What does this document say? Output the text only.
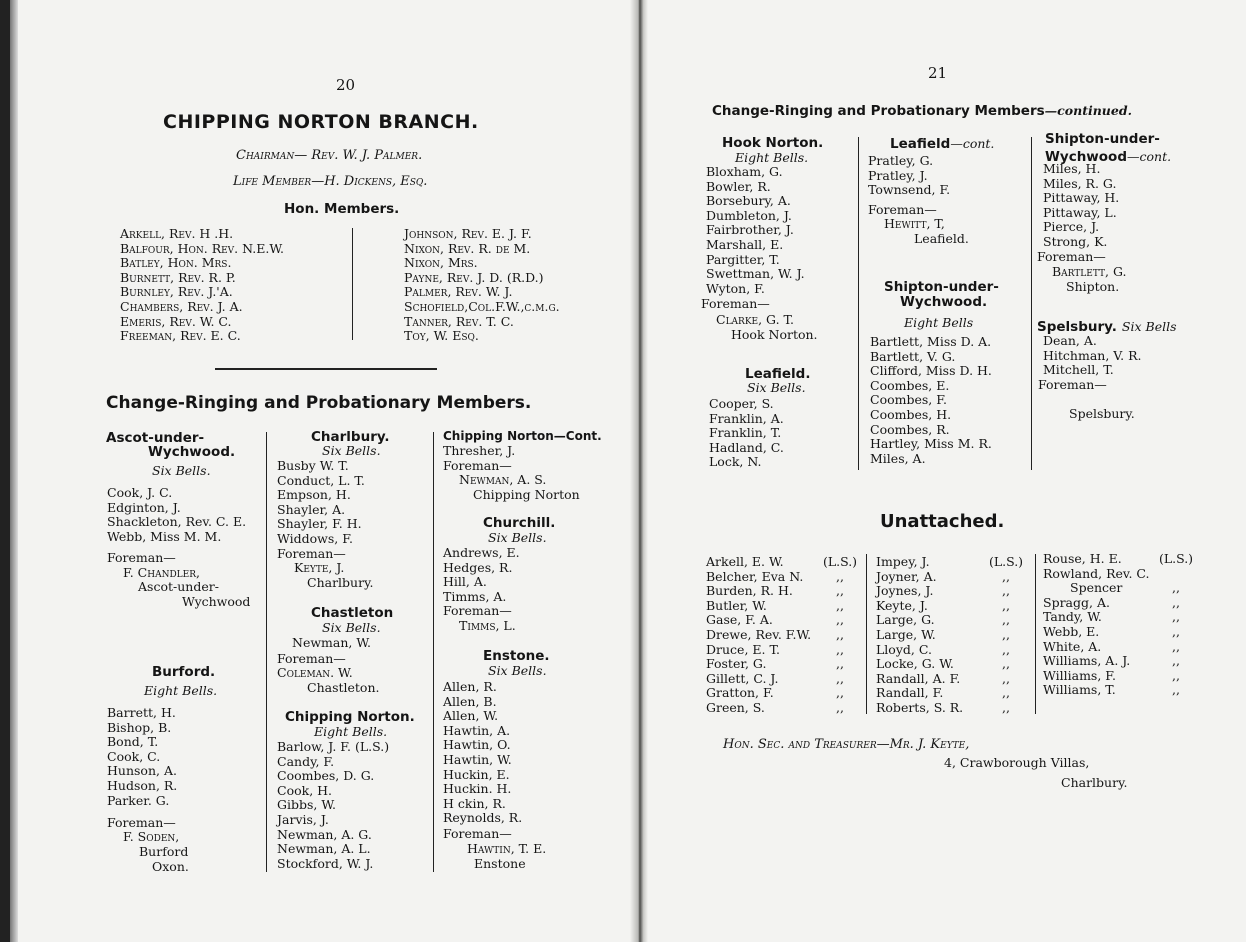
20
CHIPPING NORTON BRANCH.
Chairman— Rev. W. J. Palmer.
Life Member—H. Dickens, Esq.
Hon. Members.
Arkell, Rev. H .H.
Balfour, Hon. Rev. N.E.W.
Batley, Hon. Mrs.
Burnett, Rev. R. P.
Burnley, Rev. J.'A.
Chambers, Rev. J. A.
Emeris, Rev. W. C.
Freeman, Rev. E. C.
Johnson, Rev. E. J. F.
Nixon, Rev. R. de M.
Nixon, Mrs.
Payne, Rev. J. D. (R.D.)
Palmer, Rev. W. J.
Schofield,Col.F.W.,c.m.g.
Tanner, Rev. T. C.
Toy, W. Esq.
Change-Ringing and Probationary Members.
Ascot-under-
Wychwood.
Six Bells.
Cook, J. C.
Edginton, J.
Shackleton, Rev. C. E.
Webb, Miss M. M.
Foreman—
F. Chandler,
Ascot-under-
Wychwood
Burford.
Eight Bells.
Barrett, H.
Bishop, B.
Bond, T.
Cook, C.
Hunson, A.
Hudson, R.
Parker. G.
Foreman—
F. Soden,
Burford
Oxon.
Charlbury.
Six Bells.
Busby W. T.
Conduct, L. T.
Empson, H.
Shayler, A.
Shayler, F. H.
Widdows, F.
Foreman—
Keyte, J.
Charlbury.
Chastleton
Six Bells.
Newman, W.
Foreman—
Coleman. W.
Chastleton.
Chipping Norton.
Eight Bells.
Barlow, J. F. (L.S.)
Candy, F.
Coombes, D. G.
Cook, H.
Gibbs, W.
Jarvis, J.
Newman, A. G.
Newman, A. L.
Stockford, W. J.
Chipping Norton—Cont.
Thresher, J.
Foreman—
Newman, A. S.
Chipping Norton
Churchill.
Six Bells.
Andrews, E.
Hedges, R.
Hill, A.
Timms, A.
Foreman—
Timms, L.
Enstone.
Six Bells.
Allen, R.
Allen, B.
Allen, W.
Hawtin, A.
Hawtin, O.
Hawtin, W.
Huckin, E.
Huckin. H.
H ckin, R.
Reynolds, R.
Foreman—
Hawtin, T. E.
Enstone
21
Change-Ringing and Probationary Members—continued.
Hook Norton.
Eight Bells.
Bloxham, G.
Bowler, R.
Borsebury, A.
Dumbleton, J.
Fairbrother, J.
Marshall, E.
Pargitter, T.
Swettman, W. J.
Wyton, F.
Foreman—
Clarke, G. T.
Hook Norton.
Leafield.
Six Bells.
Cooper, S.
Franklin, A.
Franklin, T.
Hadland, C.
Lock, N.
Leafield—cont.
Pratley, G.
Pratley, J.
Townsend, F.
Foreman—
Hewitt, T,
Leafield.
Shipton-under-
Wychwood.
Eight Bells
Bartlett, Miss D. A.
Bartlett, V. G.
Clifford, Miss D. H.
Coombes, E.
Coombes, F.
Coombes, H.
Coombes, R.
Hartley, Miss M. R.
Miles, A.
Shipton-under-
Wychwood—cont.
Miles, H.
Miles, R. G.
Pittaway, H.
Pittaway, L.
Pierce, J.
Strong, K.
Foreman—
Bartlett, G.
Shipton.
Spelsbury. Six Bells
Dean, A.
Hitchman, V. R.
Mitchell, T.
Foreman—
Spelsbury.
Unattached.
Arkell, E. W.
Belcher, Eva N.
Burden, R. H.
Butler, W.
Gase, F. A.
Drewe, Rev. F.W.
Druce, E. T.
Foster, G.
Gillett, C. J.
Gratton, F.
Green, S.
(L.S.)
,,
,,
,,
,,
,,
,,
,,
,,
,,
,,
Impey, J.
Joyner, A.
Joynes, J.
Keyte, J.
Large, G.
Large, W.
Lloyd, C.
Locke, G. W.
Randall, A. F.
Randall, F.
Roberts, S. R.
(L.S.)
,,
,,
,,
,,
,,
,,
,,
,,
,,
,,
Rouse, H. E.
Rowland, Rev. C.
Spencer
Spragg, A.
Tandy, W.
Webb, E.
White, A.
Williams, A. J.
Williams, F.
Williams, T.
(L.S.)
,,
,,
,,
,,
,,
,,
,,
,,
Hon. Sec. and Treasurer—Mr. J. Keyte,
4, Crawborough Villas,
Charlbury.
